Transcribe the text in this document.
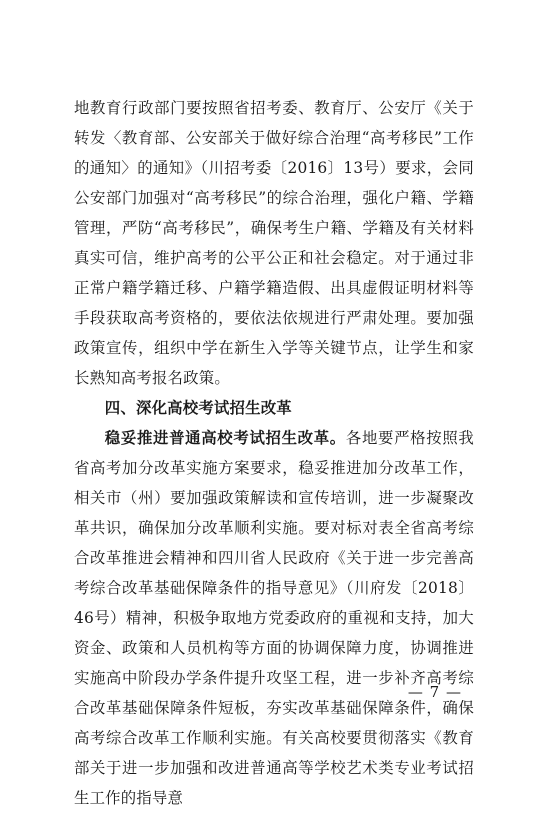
地教育行政部门要按照省招考委、教育厅、公安厅《关于转发〈教育部、公安部关于做好综合治理“高考移民”工作的通知〉的通知》（川招考委〔2016〕13号）要求，会同公安部门加强对“高考移民”的综合治理，强化户籍、学籍管理，严防“高考移民”，确保考生户籍、学籍及有关材料真实可信，维护高考的公平公正和社会稳定。对于通过非正常户籍学籍迁移、户籍学籍造假、出具虚假证明材料等手段获取高考资格的，要依法依规进行严肃处理。要加强政策宣传，组织中学在新生入学等关键节点，让学生和家长熟知高考报名政策。

四、深化高校考试招生改革

稳妥推进普通高校考试招生改革。各地要严格按照我省高考加分改革实施方案要求，稳妥推进加分改革工作，相关市（州）要加强政策解读和宣传培训，进一步凝聚改革共识，确保加分改革顺利实施。要对标对表全省高考综合改革推进会精神和四川省人民政府《关于进一步完善高考综合改革基础保障条件的指导意见》（川府发〔2018〕46号）精神，积极争取地方党委政府的重视和支持，加大资金、政策和人员机构等方面的协调保障力度，协调推进实施高中阶段办学条件提升攻坚工程，进一步补齐高考综合改革基础保障条件短板，夯实改革基础保障条件，确保高考综合改革工作顺利实施。有关高校要贯彻落实《教育部关于进一步加强和改进普通高等学校艺术类专业考试招生工作的指导意

— 7 —
